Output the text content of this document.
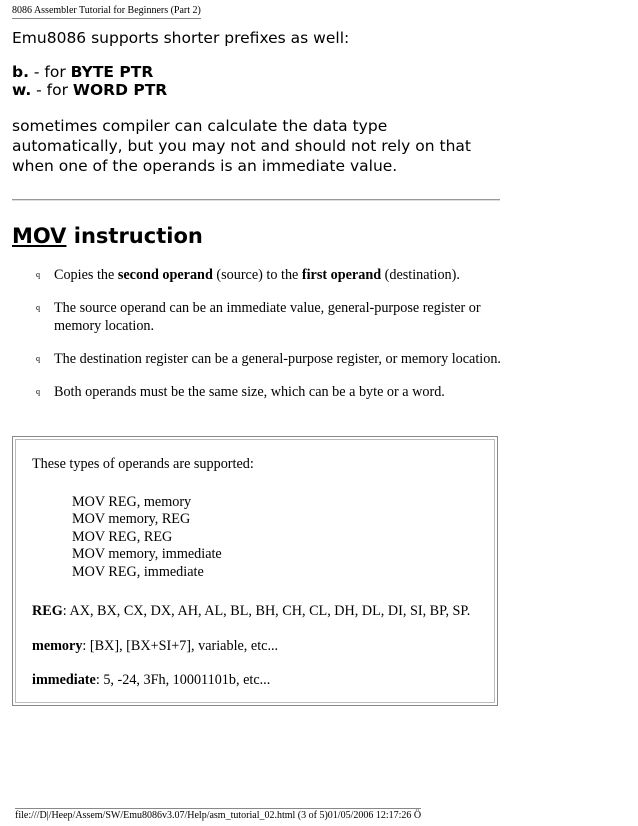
8086 Assembler Tutorial for Beginners (Part 2)

Emu8086 supports shorter prefixes as well:

b. - for BYTE PTR

w. - for WORD PTR

sometimes compiler can calculate the data type automatically, but you may not and should not rely on that when one of the operands is an immediate value.

MOV instruction
q Copies the second operand (source) to the first operand (destination).
q The source operand can be an immediate value, general-purpose register or memory location.
q The destination register can be a general-purpose register, or memory location.
q Both operands must be the same size, which can be a byte or a word.

These types of operands are supported:

MOV REG, memory
MOV memory, REG
MOV REG, REG
MOV memory, immediate
MOV REG, immediate

REG: AX, BX, CX, DX, AH, AL, BL, BH, CH, CL, DH, DL, DI, SI, BP, SP.

memory: [BX], [BX+SI+7], variable, etc...

immediate: 5, -24, 3Fh, 10001101b, etc...

file:///D|/Heep/Assem/SW/Emu8086v3.07/Help/asm_tutorial_02.html (3 of 5)01/05/2006 12:17:26 Ö
